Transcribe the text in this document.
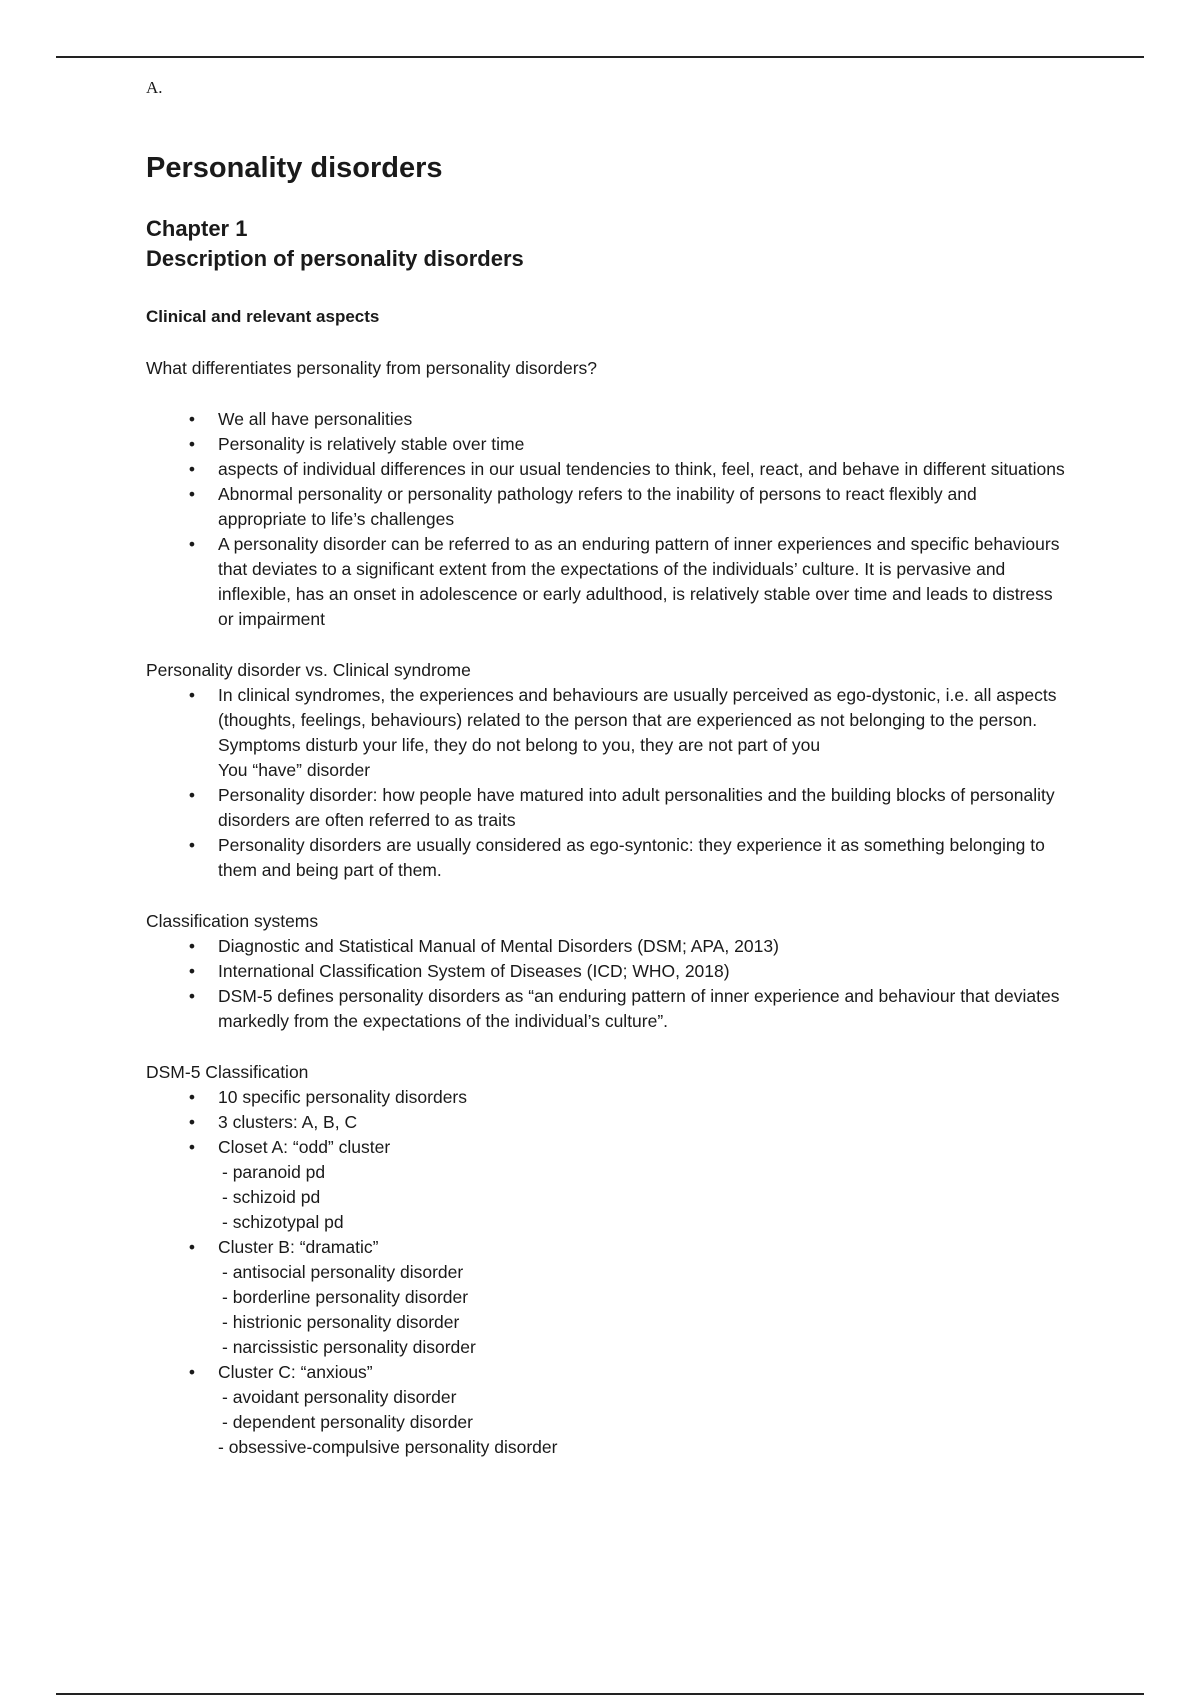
A.

Personality disorders
Chapter 1
Description of personality disorders
Clinical and relevant aspects

What differentiates personality from personality disorders?

• We all have personalities
• Personality is relatively stable over time
• aspects of individual differences in our usual tendencies to think, feel, react, and behave in different situations
• Abnormal personality or personality pathology refers to the inability of persons to react flexibly and appropriate to life’s challenges
• A personality disorder can be referred to as an enduring pattern of inner experiences and specific behaviours that deviates to a significant extent from the expectations of the individuals’ culture. It is pervasive and inflexible, has an onset in adolescence or early adulthood, is relatively stable over time and leads to distress or impairment

Personality disorder vs. Clinical syndrome

• In clinical syndromes, the experiences and behaviours are usually perceived as ego-dystonic, i.e. all aspects (thoughts, feelings, behaviours) related to the person that are experienced as not belonging to the person.
Symptoms disturb your life, they do not belong to you, they are not part of you
You “have” disorder
• Personality disorder: how people have matured into adult personalities and the building blocks of personality disorders are often referred to as traits
• Personality disorders are usually considered as ego-syntonic: they experience it as something belonging to them and being part of them.

Classification systems

• Diagnostic and Statistical Manual of Mental Disorders (DSM; APA, 2013)
• International Classification System of Diseases (ICD; WHO, 2018)
• DSM-5 defines personality disorders as “an enduring pattern of inner experience and behaviour that deviates markedly from the expectations of the individual’s culture”.

DSM-5 Classification

• 10 specific personality disorders
• 3 clusters: A, B, C
• Closet A: “odd” cluster
- paranoid pd
- schizoid pd
- schizotypal pd
• Cluster B: “dramatic”
- antisocial personality disorder
- borderline personality disorder
- histrionic personality disorder
- narcissistic personality disorder
• Cluster C: “anxious”
- avoidant personality disorder
- dependent personality disorder
- obsessive-compulsive personality disorder
